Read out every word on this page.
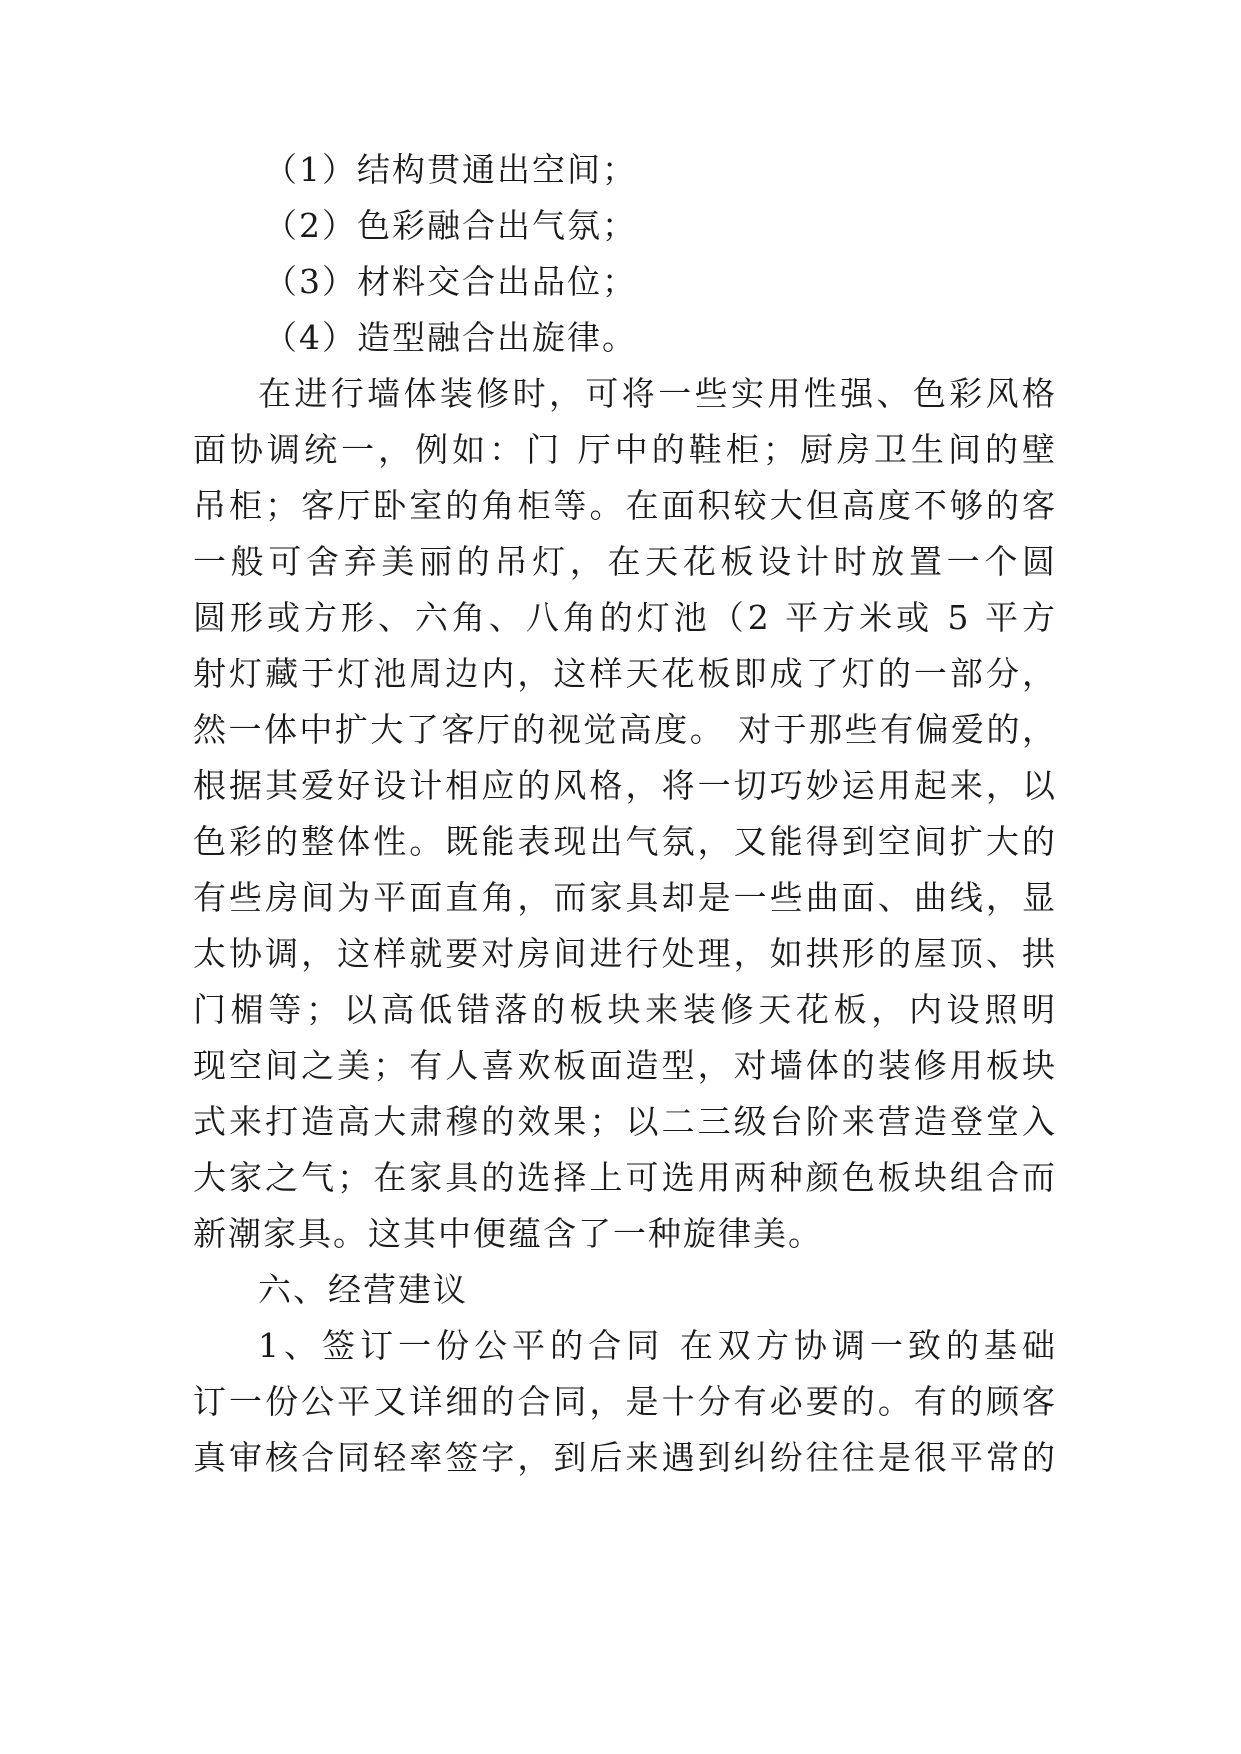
（1）结构贯通出空间；
（2）色彩融合出气氛；
（3）材料交合出品位；
（4）造型融合出旋律。
在进行墙体装修时，可将一些实用性强、色彩风格
面协调统一，例如：门 厅中的鞋柜；厨房卫生间的壁
吊柜；客厅卧室的角柜等。在面积较大但高度不够的客
一般可舍弃美丽的吊灯，在天花板设计时放置一个圆
圆形或方形、六角、八角的灯池（2 平方米或 5 平方
射灯藏于灯池周边内，这样天花板即成了灯的一部分，
然一体中扩大了客厅的视觉高度。 对于那些有偏爱的，
根据其爱好设计相应的风格，将一切巧妙运用起来，以
色彩的整体性。既能表现出气氛，又能得到空间扩大的
有些房间为平面直角，而家具却是一些曲面、曲线，显
太协调，这样就要对房间进行处理，如拱形的屋顶、拱
门楣等；以高低错落的板块来装修天花板，内设照明
现空间之美；有人喜欢板面造型，对墙体的装修用板块
式来打造高大肃穆的效果；以二三级台阶来营造登堂入
大家之气；在家具的选择上可选用两种颜色板块组合而
新潮家具。这其中便蕴含了一种旋律美。
六、经营建议
1、签订一份公平的合同 在双方协调一致的基础
订一份公平又详细的合同，是十分有必要的。有的顾客
真审核合同轻率签字，到后来遇到纠纷往往是很平常的
